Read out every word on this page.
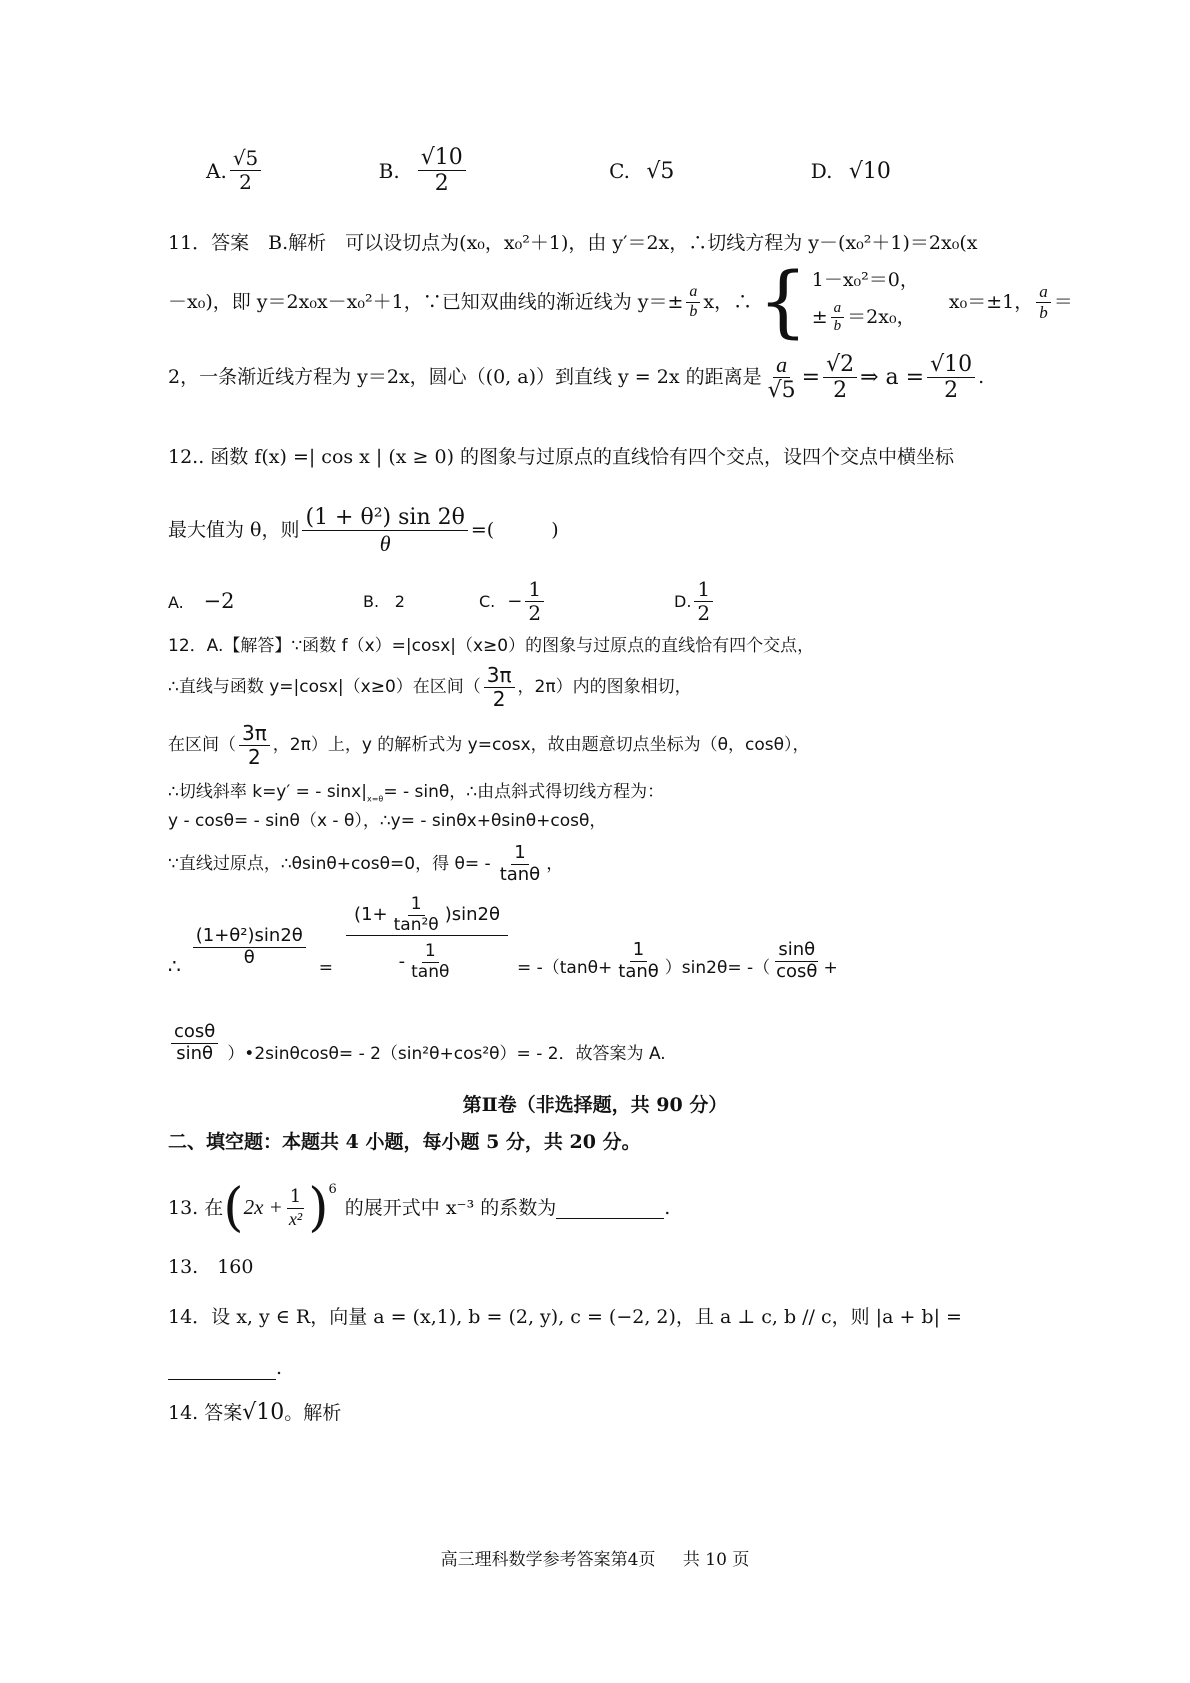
A. $\frac{√5}{2}$
	B. $\frac{√10}{2}$	C. √5	D. √10
11．答案　B.解析　可以设切点为(x₀，x₀²＋1)，由 y′＝2x，∴切线方程为 y－(x₀²＋1)＝2x₀(x
－x₀)，即 y＝2x₀x－x₀²＋1，∵已知双曲线的渐近线为 $y=\pm \frac{a}{b}$ x，∴ { 1－x₀²＝0，
± $\frac{a}{b} =2x_0$，
x₀＝±1， $\frac{a}{b}$ ＝
2，一条渐近线方程为 y＝2x，圆心（(0, a)）到直线 y = 2x 的距离是 $\frac{a}{√5} = \frac{√2}{2}$ ⇒ $a = \frac{√10}{2}$ .
12.. 函数 f(x) =| cos x | (x ≥ 0) 的图象与过原点的直线恰有四个交点，设四个交点中横坐标
最大值为 θ，则 $\frac{\text{(1 + θ²) sin 2θ}}{\theta}$ =(　　　)
A. −2	B. 2	C. − $\frac{1}{2}$	D. $\frac{1}{2}$
12．A.【解答】∵函数 f（x）=|cosx|（x≥0）的图象与过原点的直线恰有四个交点，
∴直线与函数 y=|cosx|（x≥0）在区间（ $\frac{3\pi}{2}$ ，2π）内的图象相切，
在区间（ $\frac{3\pi}{2}$ ，2π）上，y 的解析式为 y=cosx，故由题意切点坐标为（θ，cosθ），
∴切线斜率 k=y′ = - $\sin x|_{x=\theta}= - \sin\theta$，∴由点斜式得切线方程为：
y - cosθ= - sinθ（x - θ），∴y= - sinθx+θsinθ+cosθ，
∵直线过原点，∴θsinθ+cosθ=0，得 $\theta= - \frac{1}{\tan\theta}$ ，
∴ $\frac{\text{(1+θ²)sin2θ}}{\theta} = \frac{(1+ \frac{1}{\text{tan²θ}} )\sin 2\theta}{- \frac{1}{\tan\theta}} = -(\tan\theta+ \frac{1}{\tan\theta} )\sin 2\theta=$ -（ $\frac{\sin\theta}{\cos\theta}$ +
$\frac{\cos\theta}{\sin\theta}$ ）•2sinθcosθ= - 2（sin²θ+cos²θ）= - 2．故答案为 A.
第Ⅱ卷（非选择题，共 90 分）
二、填空题：本题共 4 小题，每小题 5 分，共 20 分。
13. 在 ( $2x + \frac{1}{\text{x²}} )^6$
的展开式中 x⁻³ 的系数为	.
13.　160
14．设 x, y ∈ R，向量 a = (x,1), b = (2, y), c = (−2, 2)，且 a ⊥ c, b // c，则 |a + b| =
.
14. 答案√10。解析
高三理科数学参考答案第4页 共 10 页
